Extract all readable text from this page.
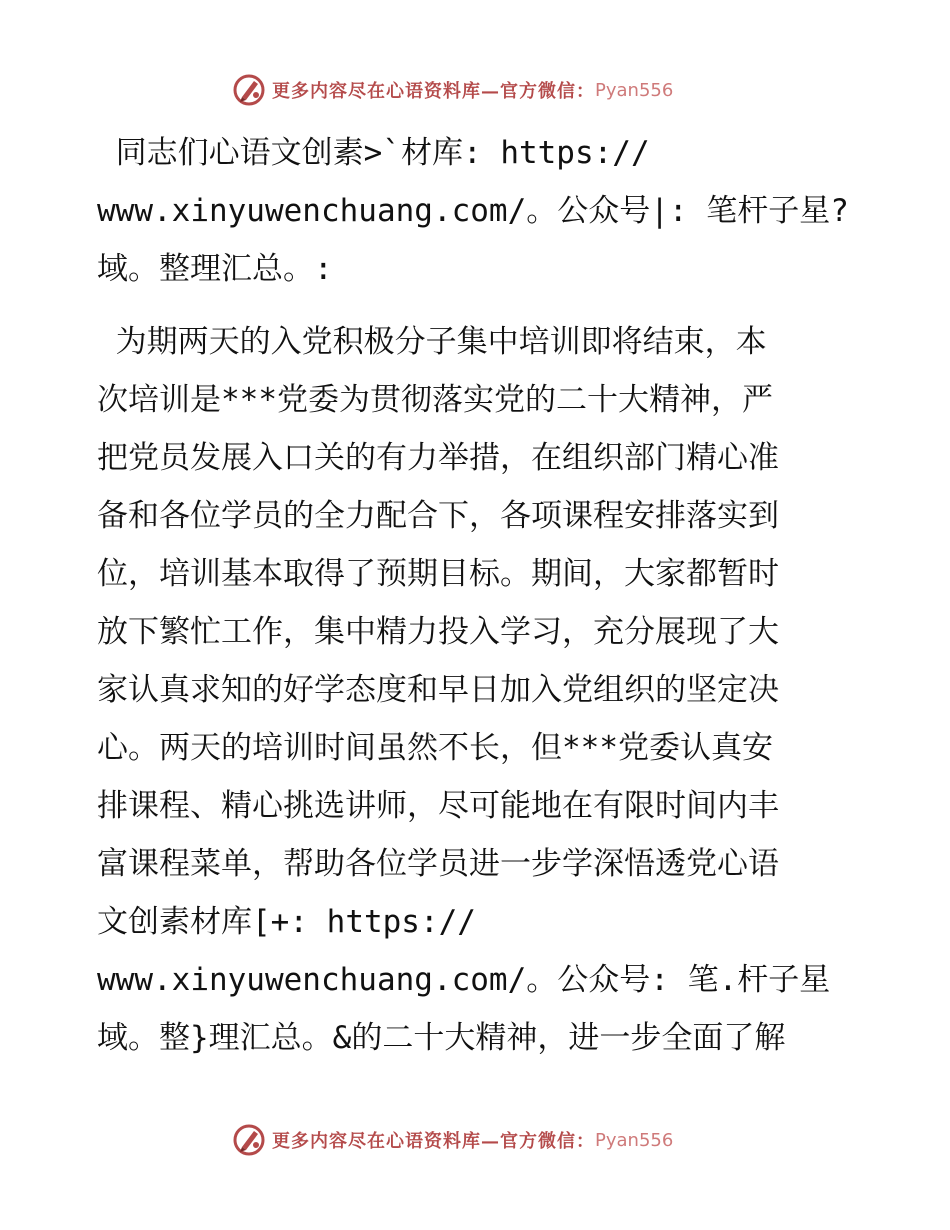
更多内容尽在心语资料库—官方微信： Pyan556
同志们心语文创素>`材库: https://
www.xinyuwenchuang.com/。公众号|: 笔杆子星?
域。整理汇总。:
为期两天的入党积极分子集中培训即将结束，本
次培训是***党委为贯彻落实党的二十大精神，严
把党员发展入口关的有力举措，在组织部门精心准
备和各位学员的全力配合下，各项课程安排落实到
位，培训基本取得了预期目标。期间，大家都暂时
放下繁忙工作，集中精力投入学习，充分展现了大
家认真求知的好学态度和早日加入党组织的坚定决
心。两天的培训时间虽然不长，但***党委认真安
排课程、精心挑选讲师，尽可能地在有限时间内丰
富课程菜单，帮助各位学员进一步学深悟透党心语
文创素材库[+: https://
www.xinyuwenchuang.com/。公众号: 笔.杆子星
域。整}理汇总。&的二十大精神，进一步全面了解
更多内容尽在心语资料库—官方微信： Pyan556
